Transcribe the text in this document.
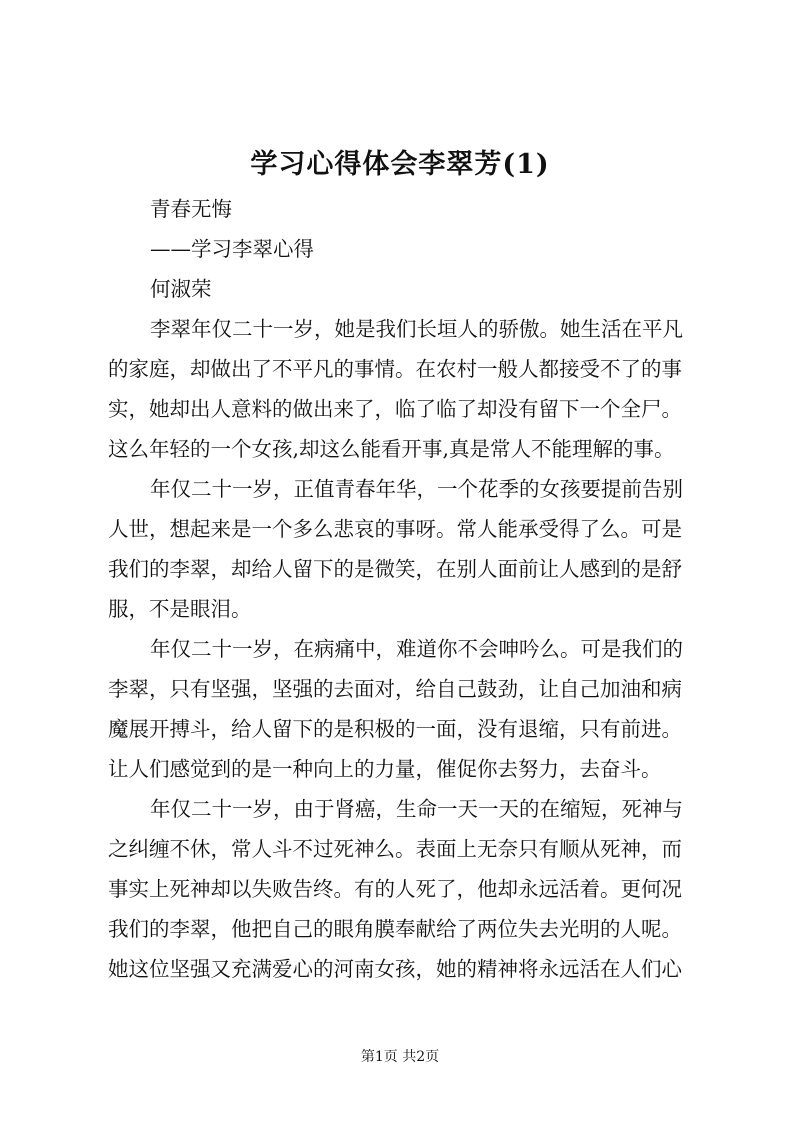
学习心得体会李翠芳(1)
青春无悔
——学习李翠心得
何淑荣
李翠年仅二十一岁，她是我们长垣人的骄傲。她生活在平凡
的家庭，却做出了不平凡的事情。在农村一般人都接受不了的事
实，她却出人意料的做出来了，临了临了却没有留下一个全尸。
这么年轻的一个女孩,却这么能看开事,真是常人不能理解的事。
年仅二十一岁，正值青春年华，一个花季的女孩要提前告别
人世，想起来是一个多么悲哀的事呀。常人能承受得了么。可是
我们的李翠，却给人留下的是微笑，在别人面前让人感到的是舒
服，不是眼泪。
年仅二十一岁，在病痛中，难道你不会呻吟么。可是我们的
李翠，只有坚强，坚强的去面对，给自己鼓劲，让自己加油和病
魔展开搏斗，给人留下的是积极的一面，没有退缩，只有前进。
让人们感觉到的是一种向上的力量，催促你去努力，去奋斗。
年仅二十一岁，由于肾癌，生命一天一天的在缩短，死神与
之纠缠不休，常人斗不过死神么。表面上无奈只有顺从死神，而
事实上死神却以失败告终。有的人死了，他却永远活着。更何况
我们的李翠，他把自己的眼角膜奉献给了两位失去光明的人呢。
她这位坚强又充满爱心的河南女孩，她的精神将永远活在人们心
第1页 共2页
